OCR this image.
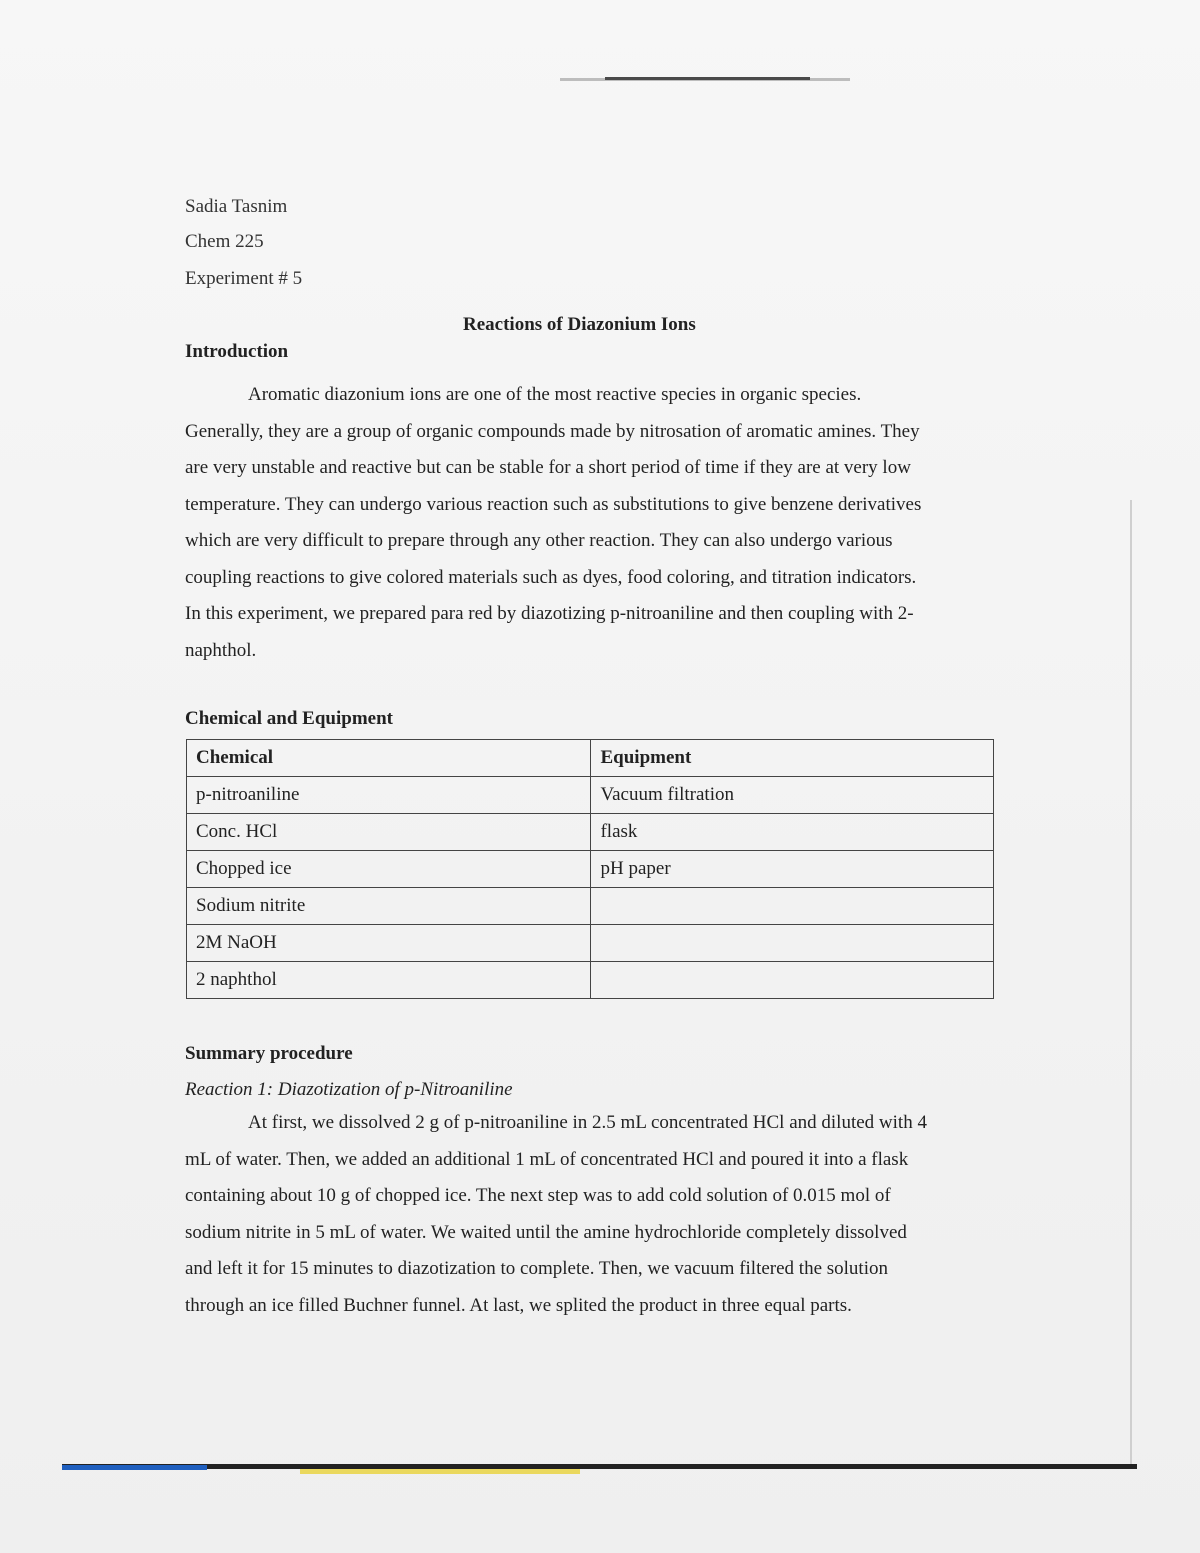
Sadia Tasnim
Chem 225
Experiment # 5
Reactions of Diazonium Ions
Introduction
Aromatic diazonium ions are one of the most reactive species in organic species.
Generally, they are a group of organic compounds made by nitrosation of aromatic amines. They
are very unstable and reactive but can be stable for a short period of time if they are at very low
temperature. They can undergo various reaction such as substitutions to give benzene derivatives
which are very difficult to prepare through any other reaction. They can also undergo various
coupling reactions to give colored materials such as dyes, food coloring, and titration indicators.
In this experiment, we prepared para red by diazotizing p-nitroaniline and then coupling with 2-
naphthol.
Chemical and Equipment
Chemical	Equipment
p-nitroaniline	Vacuum filtration
Conc. HCl	flask
Chopped ice	pH paper
Sodium nitrite	
2M NaOH	
2 naphthol	
Summary procedure
Reaction 1: Diazotization of p-Nitroaniline
At first, we dissolved 2 g of p-nitroaniline in 2.5 mL concentrated HCl and diluted with 4
mL of water. Then, we added an additional 1 mL of concentrated HCl and poured it into a flask
containing about 10 g of chopped ice. The next step was to add cold solution of 0.015 mol of
sodium nitrite in 5 mL of water. We waited until the amine hydrochloride completely dissolved
and left it for 15 minutes to diazotization to complete. Then, we vacuum filtered the solution
through an ice filled Buchner funnel. At last, we splited the product in three equal parts.
